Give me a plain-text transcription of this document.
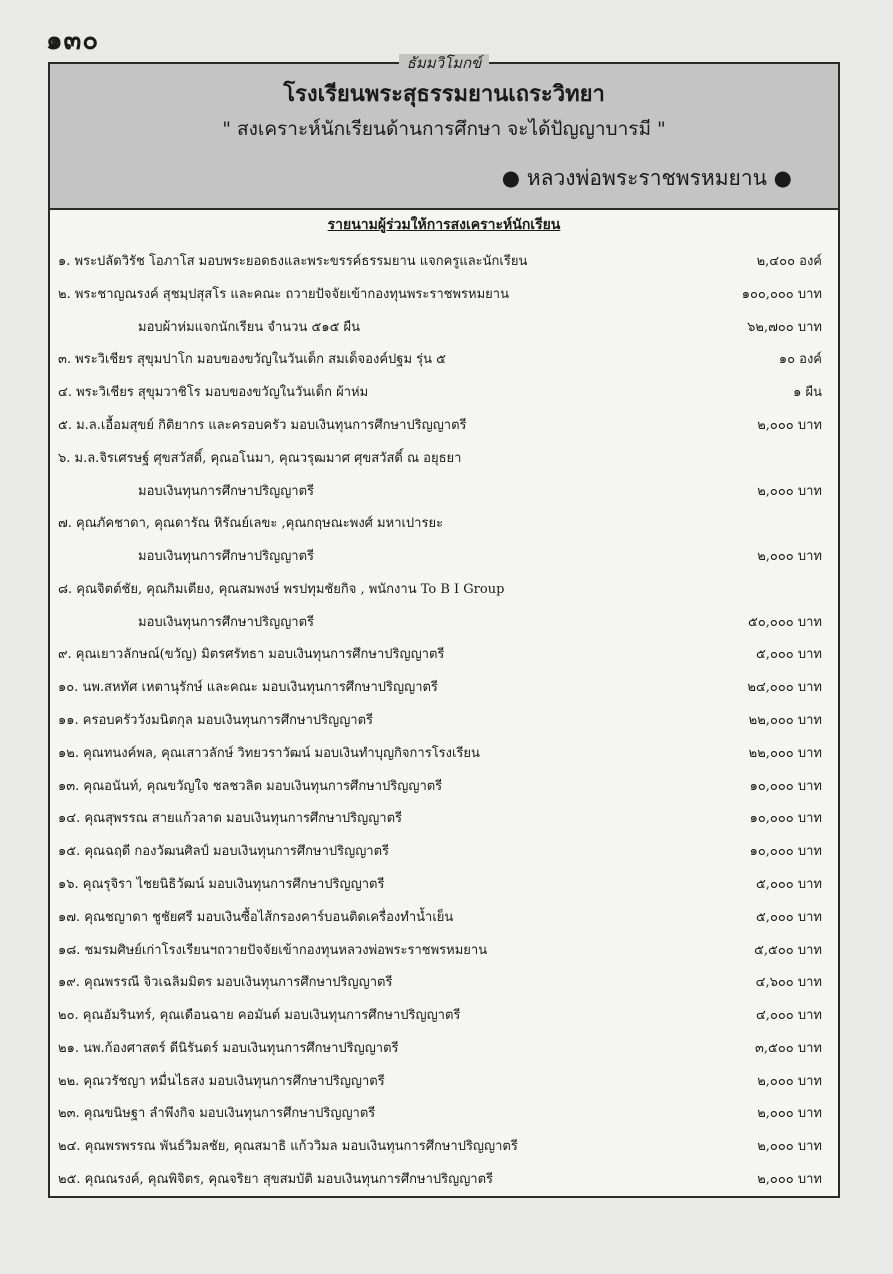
๑๓๐
ธัมมวิโมกข์
โรงเรียนพระสุธรรมยานเถระวิทยา
" สงเคราะห์นักเรียนด้านการศึกษา จะได้ปัญญาบารมี "
● หลวงพ่อพระราชพรหมยาน ●
รายนามผู้ร่วมให้การสงเคราะห์นักเรียน
๑. พระปลัดวิรัช โอภาโส มอบพระยอดธงและพระขรรค์ธรรมยาน แจกครูและนักเรียน	๒,๔๐๐ องค์
๒. พระชาญณรงค์ สุชมฺปสุสโร และคณะ ถวายปัจจัยเข้ากองทุนพระราชพรหมยาน	๑๐๐,๐๐๐ บาท
มอบผ้าห่มแจกนักเรียน จำนวน ๕๑๕ ผืน	๖๒,๗๐๐ บาท
๓. พระวิเชียร สุขุมปาโก มอบของขวัญในวันเด็ก สมเด็จองค์ปฐม รุ่น ๕	๑๐ องค์
๔. พระวิเชียร สุขุมวาชิโร มอบของขวัญในวันเด็ก ผ้าห่ม	๑ ผืน
๕. ม.ล.เอื้อมสุขย์ กิติยากร และครอบครัว มอบเงินทุนการศึกษาปริญญาตรี	๒,๐๐๐ บาท
๖. ม.ล.จิรเศรษฐ์ ศุขสวัสดิ์, คุณอโนมา, คุณวรุฒมาศ ศุขสวัสดิ์ ณ อยุธยา
มอบเงินทุนการศึกษาปริญญาตรี	๒,๐๐๐ บาท
๗. คุณภัคชาดา, คุณดารัณ หิรัณย์เลขะ ,คุณกฤษณะพงศ์ มหาเปารยะ
มอบเงินทุนการศึกษาปริญญาตรี	๒,๐๐๐ บาท
๘. คุณจิตต์ชัย, คุณกิมเตียง, คุณสมพงษ์ พรปทุมชัยกิจ , พนักงาน To B I Group
มอบเงินทุนการศึกษาปริญญาตรี	๕๐,๐๐๐ บาท
๙. คุณเยาวลักษณ์(ขวัญ) มิตรศรัทธา มอบเงินทุนการศึกษาปริญญาตรี	๕,๐๐๐ บาท
๑๐. นพ.สหทัศ เหตานุรักษ์ และคณะ มอบเงินทุนการศึกษาปริญญาตรี	๒๔,๐๐๐ บาท
๑๑. ครอบครัววังมนิตกุล มอบเงินทุนการศึกษาปริญญาตรี	๒๒,๐๐๐ บาท
๑๒. คุณทนงค์พล, คุณเสาวลักษ์ วิทยวราวัฒน์ มอบเงินทำบุญกิจการโรงเรียน	๒๒,๐๐๐ บาท
๑๓. คุณอนันท์, คุณขวัญใจ ชลชวลิต มอบเงินทุนการศึกษาปริญญาตรี	๑๐,๐๐๐ บาท
๑๔. คุณสุพรรณ สายแก้วลาด มอบเงินทุนการศึกษาปริญญาตรี	๑๐,๐๐๐ บาท
๑๕. คุณฉฤดี กองวัฒนศิลป์ มอบเงินทุนการศึกษาปริญญาตรี	๑๐,๐๐๐ บาท
๑๖. คุณรุจิรา ไชยนิธิวัฒน์ มอบเงินทุนการศึกษาปริญญาตรี	๕,๐๐๐ บาท
๑๗. คุณชญาดา ชูชัยศรี มอบเงินซื้อไส้กรองคาร์บอนติดเครื่องทำน้ำเย็น	๕,๐๐๐ บาท
๑๘. ชมรมศิษย์เก่าโรงเรียนฯถวายปัจจัยเข้ากองทุนหลวงพ่อพระราชพรหมยาน	๕,๕๐๐ บาท
๑๙. คุณพรรณี จิวเฉลิมมิตร มอบเงินทุนการศึกษาปริญญาตรี	๔,๖๐๐ บาท
๒๐. คุณอัมรินทร์, คุณเดือนฉาย คอมันต์ มอบเงินทุนการศึกษาปริญญาตรี	๔,๐๐๐ บาท
๒๑. นพ.ก้องศาสตร์ ดีนิรันดร์ มอบเงินทุนการศึกษาปริญญาตรี	๓,๕๐๐ บาท
๒๒. คุณวรัชญา หมื่นไธสง มอบเงินทุนการศึกษาปริญญาตรี	๒,๐๐๐ บาท
๒๓. คุณขนิษฐา ลำพึงกิจ มอบเงินทุนการศึกษาปริญญาตรี	๒,๐๐๐ บาท
๒๔. คุณพรพรรณ พันธ์วิมลชัย, คุณสมาธิ แก้ววิมล มอบเงินทุนการศึกษาปริญญาตรี	๒,๐๐๐ บาท
๒๕. คุณณรงค์, คุณพิจิตร, คุณจริยา สุขสมบัติ มอบเงินทุนการศึกษาปริญญาตรี	๒,๐๐๐ บาท
